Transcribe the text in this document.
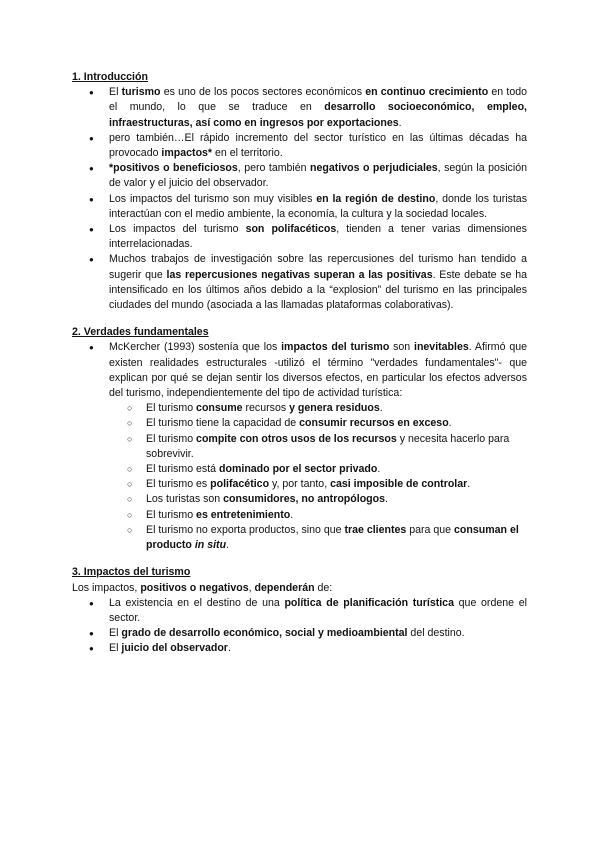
1. Introducción

● El turismo es uno de los pocos sectores económicos en continuo crecimiento en todo el mundo, lo que se traduce en desarrollo socioeconómico, empleo, infraestructuras, así como en ingresos por exportaciones.
● pero también…El rápido incremento del sector turístico en las últimas décadas ha provocado impactos* en el territorio.
● *positivos o beneficiosos, pero también negativos o perjudiciales, según la posición de valor y el juicio del observador.
● Los impactos del turismo son muy visibles en la región de destino, donde los turistas interactúan con el medio ambiente, la economía, la cultura y la sociedad locales.
● Los impactos del turismo son polifacéticos, tienden a tener varias dimensiones interrelacionadas.
● Muchos trabajos de investigación sobre las repercusiones del turismo han tendido a sugerir que las repercusiones negativas superan a las positivas. Este debate se ha intensificado en los últimos años debido a la “explosion” del turismo en las principales ciudades del mundo (asociada a las llamadas plataformas colaborativas).

2. Verdades fundamentales

● McKercher (1993) sostenía que los impactos del turismo son inevitables. Afirmó que existen realidades estructurales -utilizó el término "verdades fundamentales"- que explican por qué se dejan sentir los diversos efectos, en particular los efectos adversos del turismo, independientemente del tipo de actividad turística:
○ El turismo consume recursos y genera residuos.
○ El turismo tiene la capacidad de consumir recursos en exceso.
○ El turismo compite con otros usos de los recursos y necesita hacerlo para sobrevivir.
○ El turismo está dominado por el sector privado.
○ El turismo es polifacético y, por tanto, casi imposible de controlar.
○ Los turistas son consumidores, no antropólogos.
○ El turismo es entretenimiento.
○ El turismo no exporta productos, sino que trae clientes para que consuman el producto in situ.

3. Impactos del turismo

Los impactos, positivos o negativos, dependerán de:

● La existencia en el destino de una política de planificación turística que ordene el sector.
● El grado de desarrollo económico, social y medioambiental del destino.
● El juicio del observador.
